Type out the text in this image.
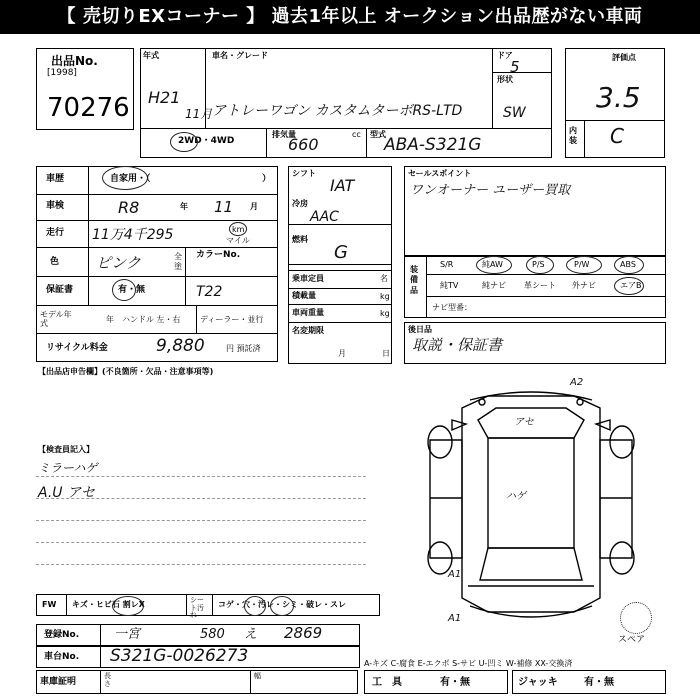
【 売切りEXコーナー 】 過去1年以上 オークション出品歴がない車両
出品No.
[1998]
70276
年式
H21
11月
車名・グレード
アトレーワゴン カスタムターボRS-LTD
ドア
5
形状
SW
2WD・4WD
排気量
660
cc 型式
ABA-S321G
評価点
3.5
内装 C
車歴	自家用・（	）
車検	R8	年 11 月
走行 11万4千295	km
マイル
色 ピンク	全塗
カラーNo.
T22
保証書	有・無
モデル年式	年 ハンドル 左・右 ディーラー・並行
リサイクル料金	9,880	円 預託済
シフト
IAT
冷房
AAC
燃料
G
乗車定員	名
積載量	kg
車両重量	kg
名変期限
月	日
セールスポイント
ワンオーナー ユーザー買取
装備品
S/R	純AW	P/S	P/W	ABS
純TV	純ナビ 革シート 外ナビ	エアB
ナビ型番：
後日品
取説・保証書
【出品店申告欄】(不良箇所・欠品・注意事項等)
【検査員記入】
ミラーハゲ
A.U アセ
A2
アセ
ハゲ
A1
A1
スペア
FW キズ・ヒビ石 割レX	シート汚れ
コゲ・穴・汚レ・シミ・破レ・スレ
登録No.	一宮	580 え 2869
車台No. S321G-0026273	A-キズ C-腐食 E-エクボ S-サビ U-凹ミ W-補修 XX-交換済
車庫証明
長さ
幅
工　具	有・無	ジャッキ	有・無
